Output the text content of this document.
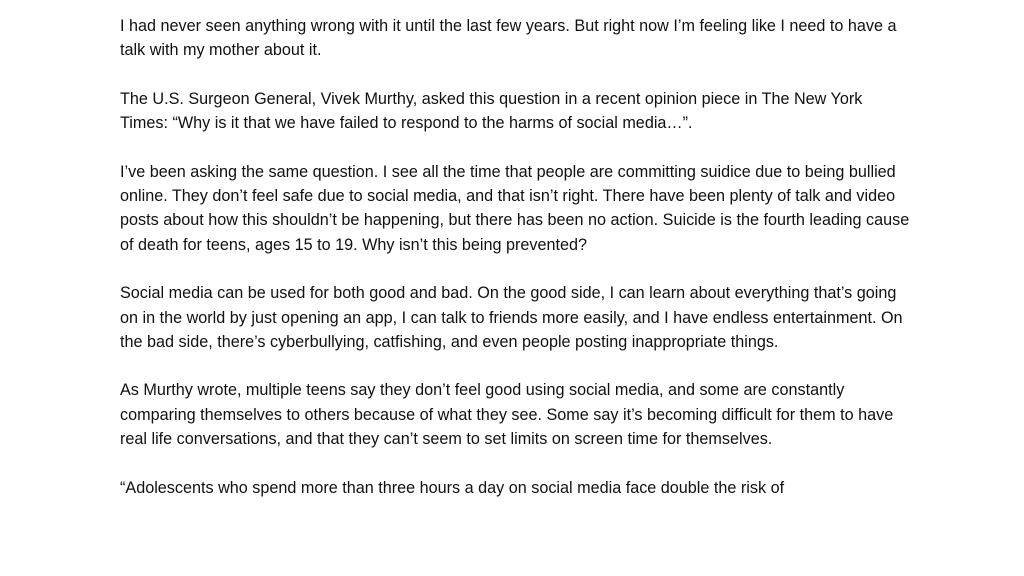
I had never seen anything wrong with it until the last few years. But right now I’m feeling like I need to have a talk with my mother about it.

The U.S. Surgeon General, Vivek Murthy, asked this question in a recent opinion piece in The New York Times: “Why is it that we have failed to respond to the harms of social media…”.

I’ve been asking the same question. I see all the time that people are committing suidice due to being bullied online. They don’t feel safe due to social media, and that isn’t right. There have been plenty of talk and video posts about how this shouldn’t be happening, but there has been no action. Suicide is the fourth leading cause of death for teens, ages 15 to 19. Why isn’t this being prevented?

Social media can be used for both good and bad. On the good side, I can learn about everything that’s going on in the world by just opening an app, I can talk to friends more easily, and I have endless entertainment. On the bad side, there’s cyberbullying, catfishing, and even people posting inappropriate things.

As Murthy wrote, multiple teens say they don’t feel good using social media, and some are constantly comparing themselves to others because of what they see. Some say it’s becoming difficult for them to have real life conversations, and that they can’t seem to set limits on screen time for themselves.

“Adolescents who spend more than three hours a day on social media face double the risk of
